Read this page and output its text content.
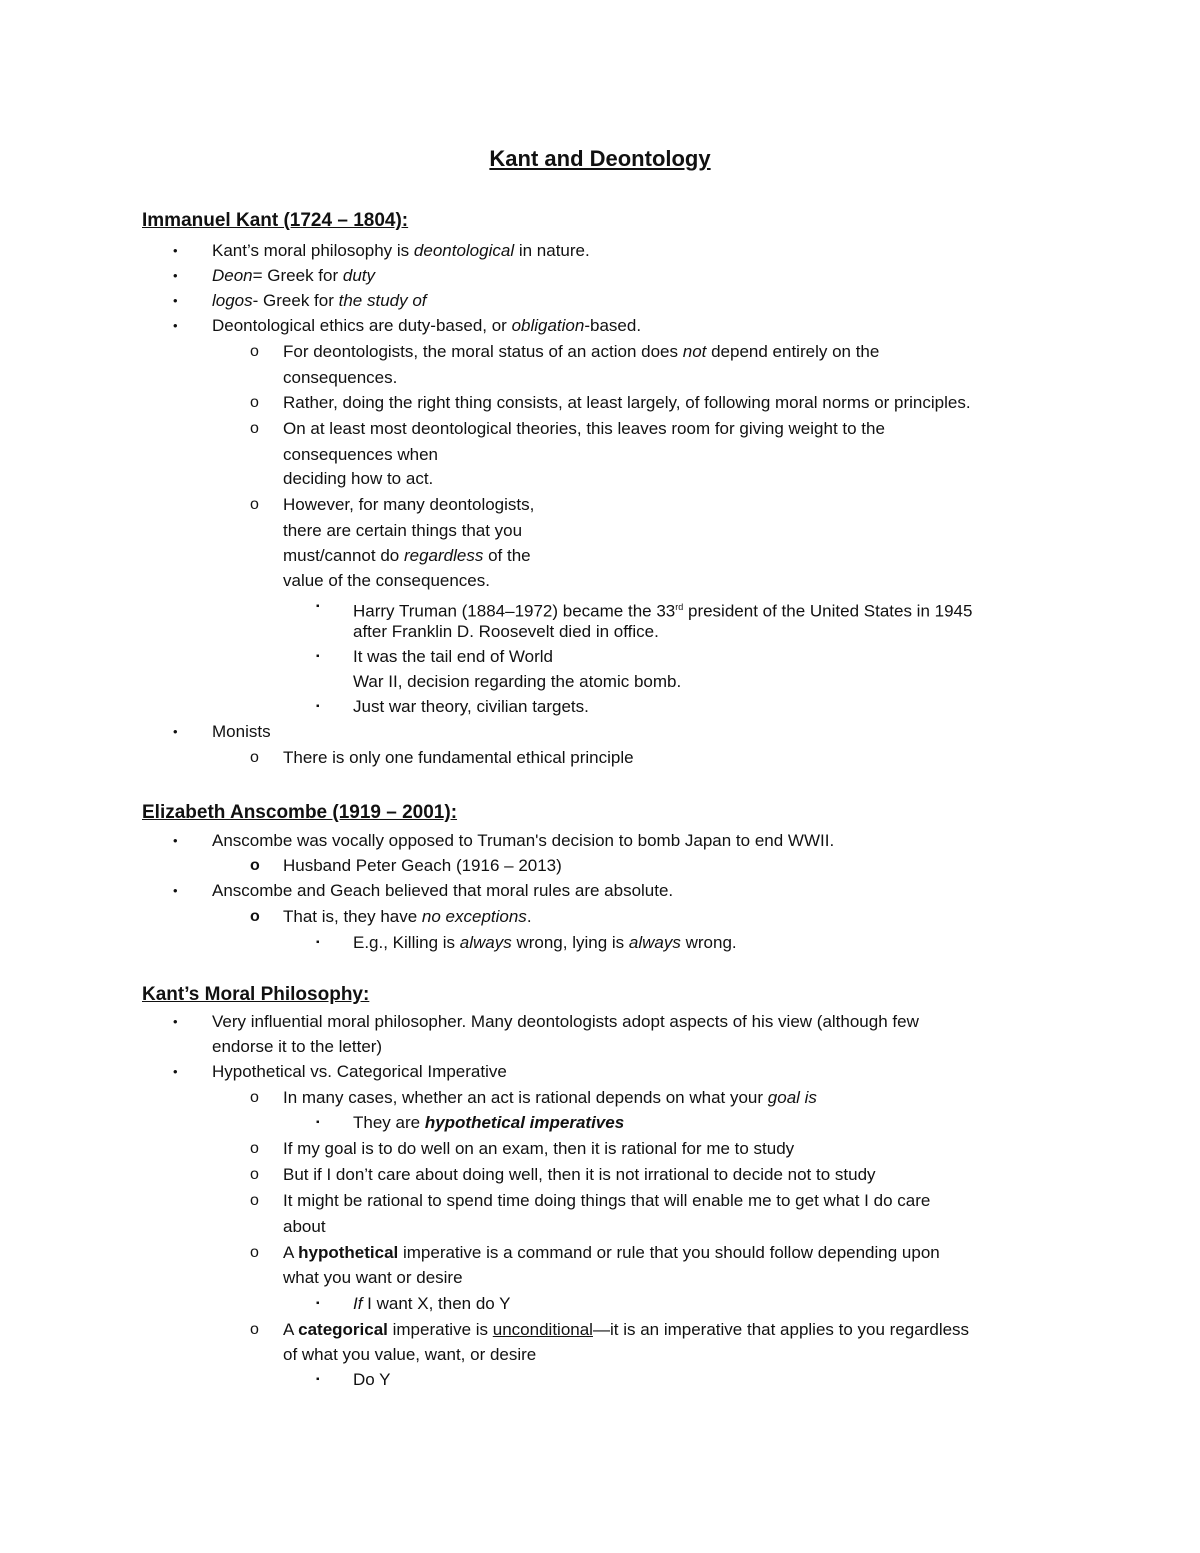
Kant and Deontology
Immanuel Kant (1724 – 1804):
• Kant’s moral philosophy is deontological in nature.
• Deon= Greek for duty
• logos- Greek for the study of
• Deontological ethics are duty-based, or obligation-based.
o For deontologists, the moral status of an action does not depend entirely on the
consequences.
o Rather, doing the right thing consists, at least largely, of following moral norms or principles.
o On at least most deontological theories, this leaves room for giving weight to the
consequences when
deciding how to act.
o However, for many deontologists,
there are certain things that you
must/cannot do regardless of the
value of the consequences.
▪ Harry Truman (1884–1972) became the 33rd president of the United States in 1945
after Franklin D. Roosevelt died in office.
▪ It was the tail end of World
War II, decision regarding the atomic bomb.
▪ Just war theory, civilian targets.
• Monists
o There is only one fundamental ethical principle
Elizabeth Anscombe (1919 – 2001):
• Anscombe was vocally opposed to Truman's decision to bomb Japan to end WWII.
o Husband Peter Geach (1916 – 2013)
• Anscombe and Geach believed that moral rules are absolute.
o That is, they have no exceptions.
▪ E.g., Killing is always wrong, lying is always wrong.
Kant’s Moral Philosophy:
• Very influential moral philosopher. Many deontologists adopt aspects of his view (although few
endorse it to the letter)
• Hypothetical vs. Categorical Imperative
o In many cases, whether an act is rational depends on what your goal is
▪ They are hypothetical imperatives
o If my goal is to do well on an exam, then it is rational for me to study
o But if I don’t care about doing well, then it is not irrational to decide not to study
o It might be rational to spend time doing things that will enable me to get what I do care
about
o A hypothetical imperative is a command or rule that you should follow depending upon
what you want or desire
▪ If I want X, then do Y
o A categorical imperative is unconditional—it is an imperative that applies to you regardless
of what you value, want, or desire
▪ Do Y
